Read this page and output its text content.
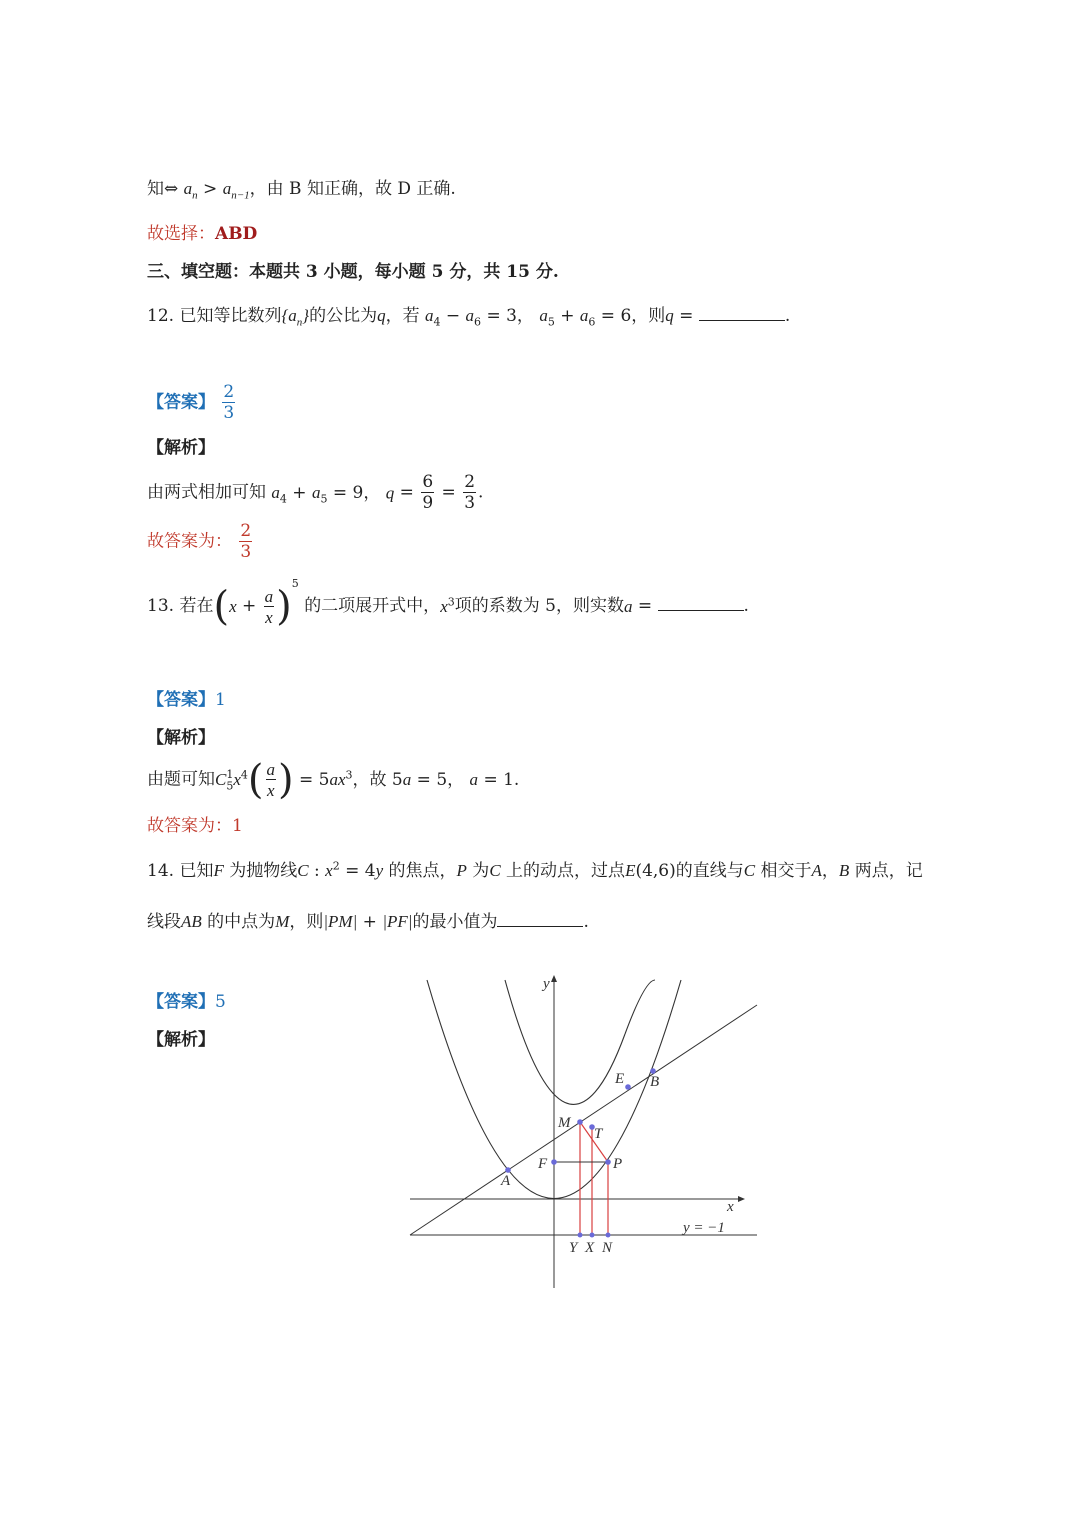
知⇔ $a_n > a_{n-1}$，由 B 知正确，故 D 正确.
故选择：ABD
三、填空题：本题共 3 小题，每小题 5 分，共 15 分.
12. 已知等比数列$\{a_n\}$的公比为q，若 $a_4 - a_6 = 3$， $a_5 + a_6 = 6$，则q =	.
【答案】 $\frac{2}{3}$
【解析】
由两式相加可知 $a_4 + a_5 = 9$， $q = \frac{6}{9} = \frac{2}{3}$ .
故答案为： $\frac{2}{3}$
13. 若在$(x + \frac{a}{x} )^5$ 的二项展开式中，$x^3$项的系数为 5，则实数a =	.
【答案】1
【解析】
由题可知$C_5^1x^4( \frac{a}{x}$ ) = $5ax^3$，故 5a = 5， a = 1.
故答案为：1
14. 已知F 为抛物线C : $x^2 = 4y$ 的焦点，P 为C 上的动点，过点E(4,6)的直线与C 相交于A，B 两点，记
线段AB 的中点为M，则|PM| + |PF|的最小值为	.
【答案】5
【解析】
y
x
E B
M
T
F	P
A
Y X N
y = −1
